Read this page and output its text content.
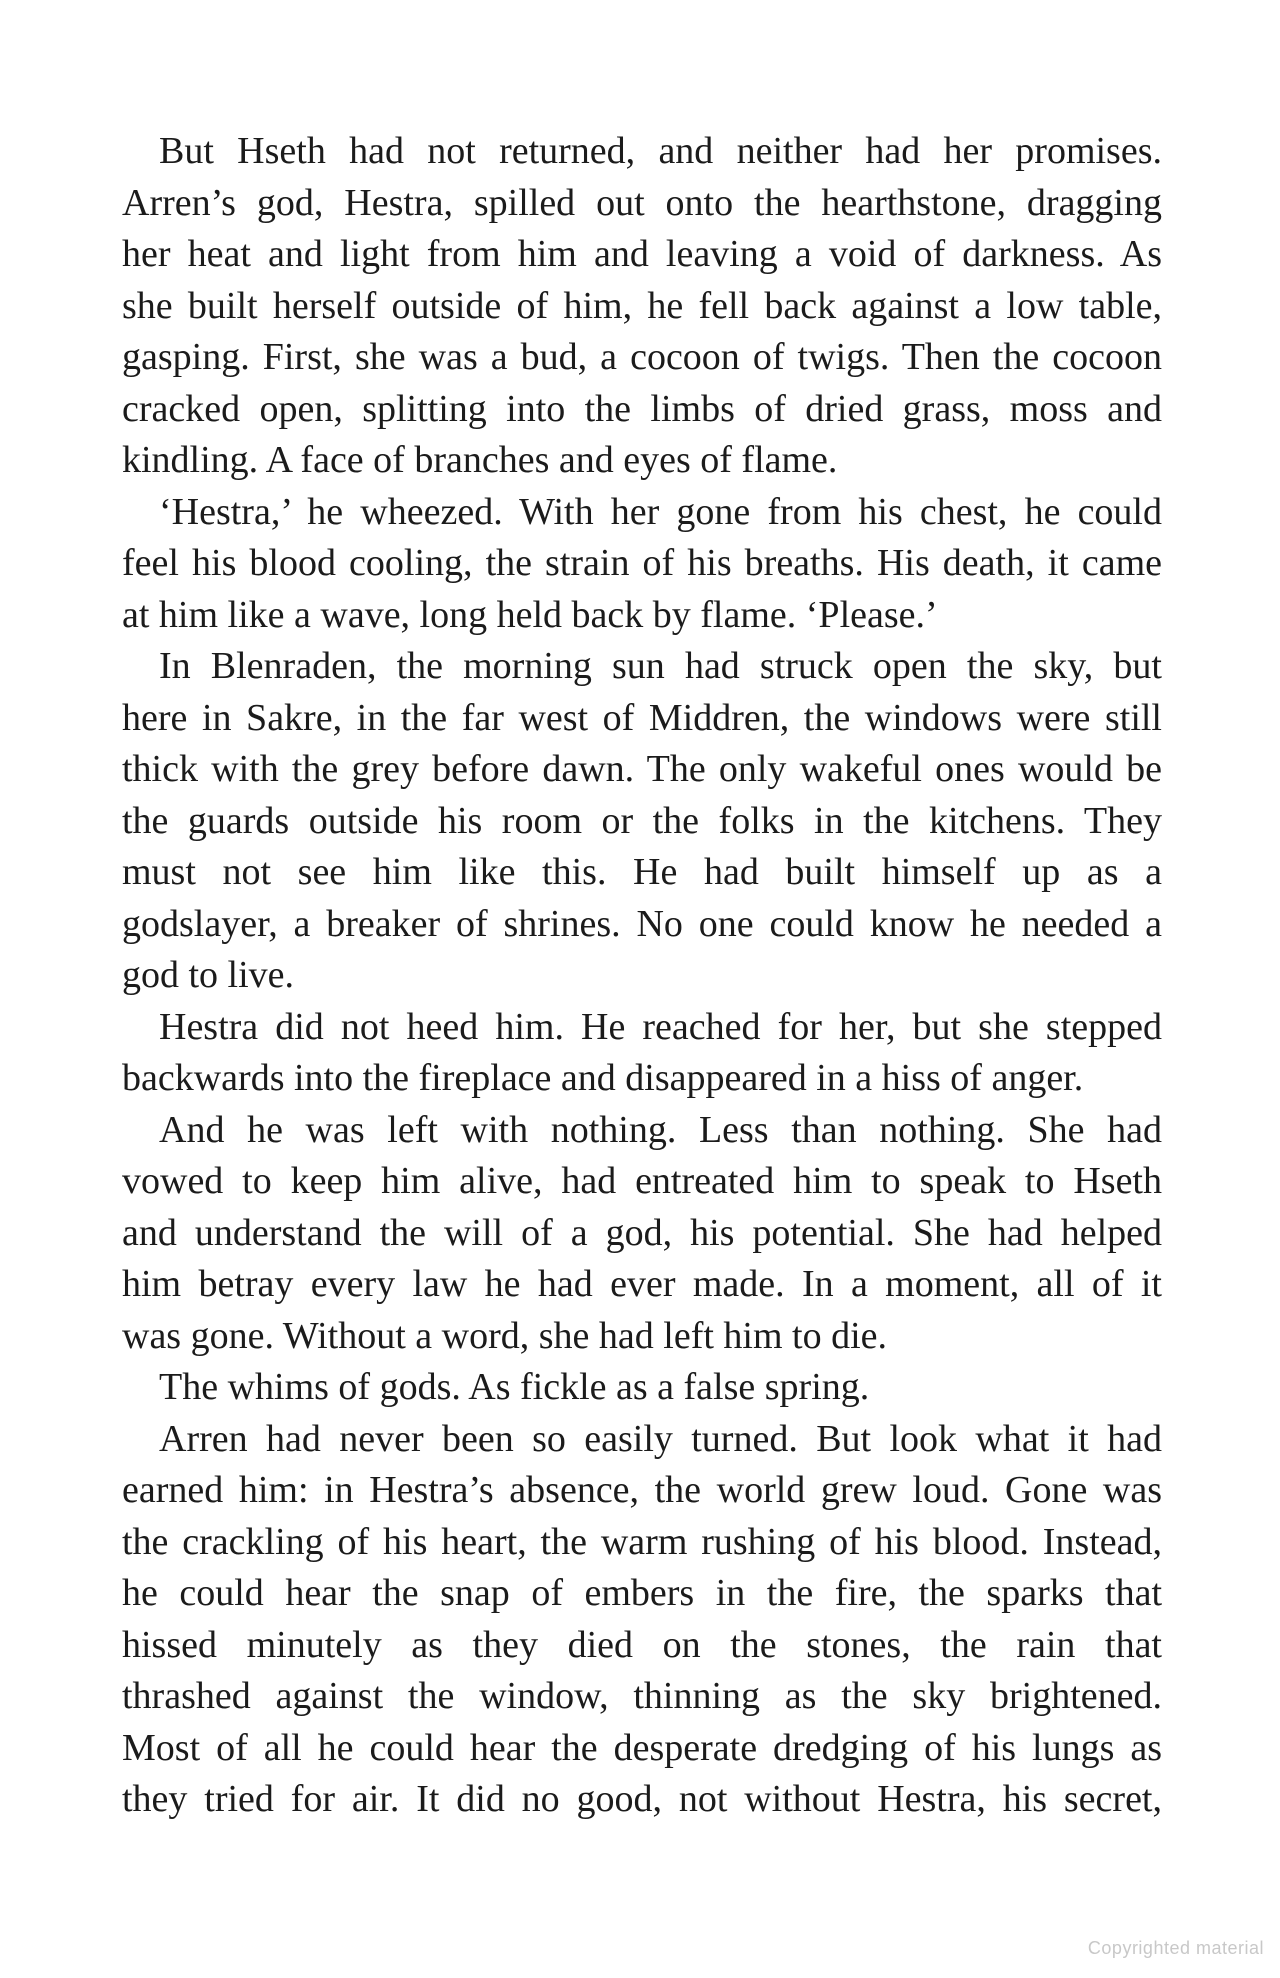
But Hseth had not returned, and neither had her promises.
Arren’s god, Hestra, spilled out onto the hearthstone, dragging
her heat and light from him and leaving a void of darkness. As
she built herself outside of him, he fell back against a low table,
gasping. First, she was a bud, a cocoon of twigs. Then the cocoon
cracked open, splitting into the limbs of dried grass, moss and
kindling. A face of branches and eyes of flame.
‘Hestra,’ he wheezed. With her gone from his chest, he could
feel his blood cooling, the strain of his breaths. His death, it came
at him like a wave, long held back by flame. ‘Please.’
In Blenraden, the morning sun had struck open the sky, but
here in Sakre, in the far west of Middren, the windows were still
thick with the grey before dawn. The only wakeful ones would be
the guards outside his room or the folks in the kitchens. They
must not see him like this. He had built himself up as a
godslayer, a breaker of shrines. No one could know he needed a
god to live.
Hestra did not heed him. He reached for her, but she stepped
backwards into the fireplace and disappeared in a hiss of anger.
And he was left with nothing. Less than nothing. She had
vowed to keep him alive, had entreated him to speak to Hseth
and understand the will of a god, his potential. She had helped
him betray every law he had ever made. In a moment, all of it
was gone. Without a word, she had left him to die.
The whims of gods. As fickle as a false spring.
Arren had never been so easily turned. But look what it had
earned him: in Hestra’s absence, the world grew loud. Gone was
the crackling of his heart, the warm rushing of his blood. Instead,
he could hear the snap of embers in the fire, the sparks that
hissed minutely as they died on the stones, the rain that
thrashed against the window, thinning as the sky brightened.
Most of all he could hear the desperate dredging of his lungs as
they tried for air. It did no good, not without Hestra, his secret,
Copyrighted material
